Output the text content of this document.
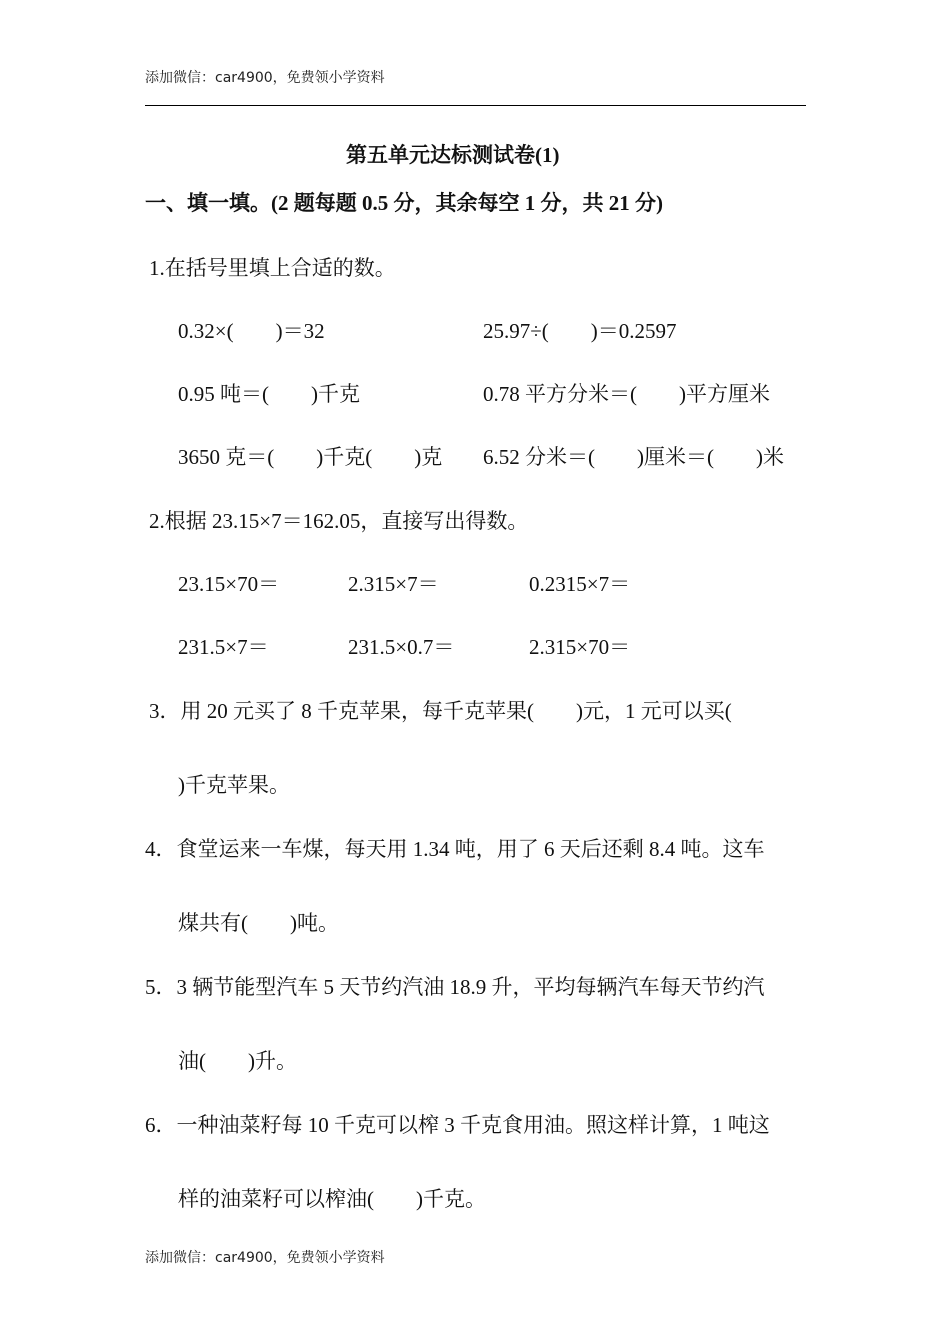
添加微信：car4900，免费领小学资料
第五单元达标测试卷(1)
一、填一填。(2 题每题 0.5 分，其余每空 1 分，共 21 分)
1.在括号里填上合适的数。
0.32×(　　)＝32	25.97÷(　　)＝0.2597
0.95 吨＝(　　)千克	0.78 平方分米＝(　　)平方厘米
3650 克＝(　　)千克(　　)克 6.52 分米＝(　　)厘米＝(　　)米
2.根据 23.15×7＝162.05，直接写出得数。
23.15×70＝	2.315×7＝	0.2315×7＝
231.5×7＝	231.5×0.7＝	2.315×70＝
3．用 20 元买了 8 千克苹果，每千克苹果(　　)元，1 元可以买(
)千克苹果。
4．食堂运来一车煤，每天用 1.34 吨，用了 6 天后还剩 8.4 吨。这车
煤共有(　　)吨。
5．3 辆节能型汽车 5 天节约汽油 18.9 升，平均每辆汽车每天节约汽
油(　　)升。
6．一种油菜籽每 10 千克可以榨 3 千克食用油。照这样计算，1 吨这
样的油菜籽可以榨油(　　)千克。
添加微信：car4900，免费领小学资料
